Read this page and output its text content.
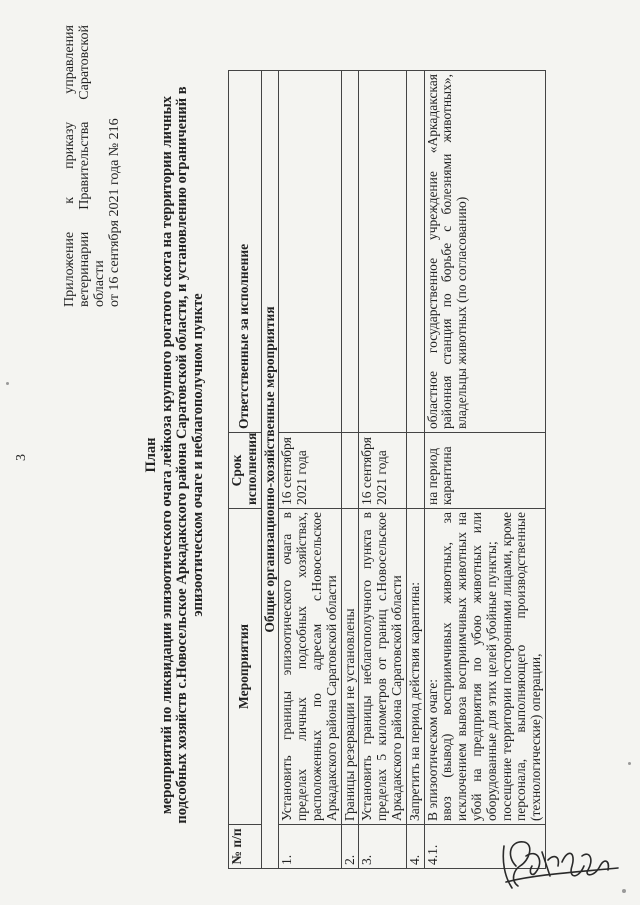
3
Приложение
к
приказу
управления
ветеринарии
Правительства
Саратовской
области от 16 сентября 2021 года № 216
План мероприятий по ликвидации эпизоотического очага лейкоза крупного рогатого скота на территории личных подсобных хозяйств с.Новосельское Аркадакского района Саратовской области, и установлению ограничений в эпизоотическом очаге и неблагополучном пункте
№ п/п	Мероприятия	Срок исполнения	Ответственные за исполнение
Общие организационно-хозяйственные мероприятия			
1.	Установить границы эпизоотического очага в пределах личных подсобных хозяйствах, расположенных по адресам с.Новосельское Аркадакского района Саратовской области	16 сентября 2021 года	
2.	Границы резервации не установлены		
3.	Установить границы неблагополучного пункта в пределах 5 километров от границ с.Новосельское Аркадакского района Саратовской области	16 сентября 2021 года	
4.	Запретить на период действия карантина:		
4.1.	В эпизоотическом очаге: ввоз (вывод) восприимчивых животных, за исключением вывоза восприимчивых животных на убой на предприятия по убою животных или оборудованные для этих целей убойные пункты; посещение территории посторонними лицами, кроме персонала, выполняющего производственные (технологические) операции,	на период карантина	областное государственное учреждение «Аркадакская районная станция по борьбе с болезнями животных», владельцы животных (по согласованию)
